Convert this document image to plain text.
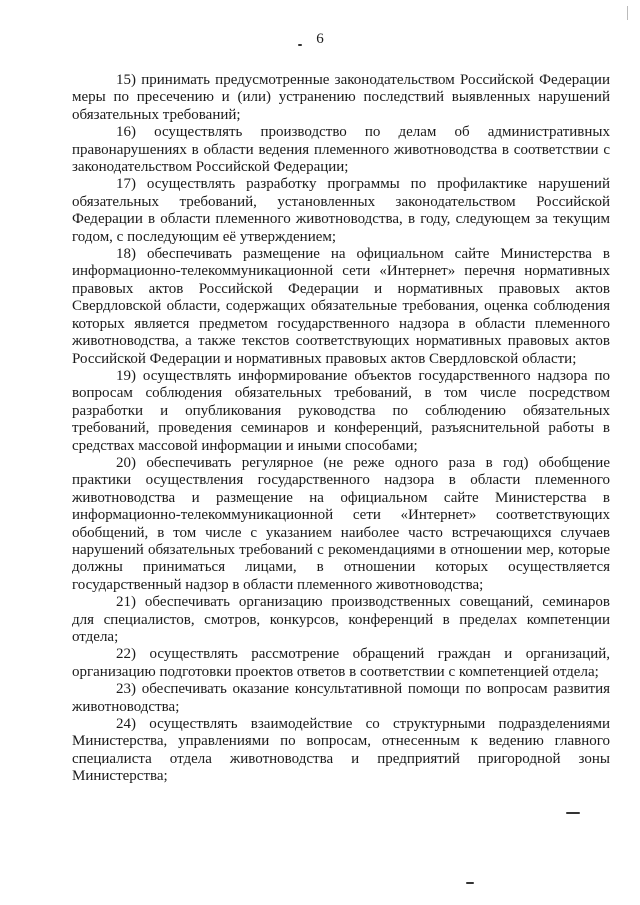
6

15) принимать предусмотренные законодательством Российской Федерации меры по пресечению и (или) устранению последствий выявленных нарушений обязательных требований;

16) осуществлять производство по делам об административных правонарушениях в области ведения племенного животноводства в соответствии с законодательством Российской Федерации;

17) осуществлять разработку программы по профилактике нарушений обязательных требований, установленных законодательством Российской Федерации в области племенного животноводства, в году, следующем за текущим годом, с последующим её утверждением;

18) обеспечивать размещение на официальном сайте Министерства в информационно-телекоммуникационной сети «Интернет» перечня нормативных правовых актов Российской Федерации и нормативных правовых актов Свердловской области, содержащих обязательные требования, оценка соблюдения которых является предметом государственного надзора в области племенного животноводства, а также текстов соответствующих нормативных правовых актов Российской Федерации и нормативных правовых актов Свердловской области;

19) осуществлять информирование объектов государственного надзора по вопросам соблюдения обязательных требований, в том числе посредством разработки и опубликования руководства по соблюдению обязательных требований, проведения семинаров и конференций, разъяснительной работы в средствах массовой информации и иными способами;

20) обеспечивать регулярное (не реже одного раза в год) обобщение практики осуществления государственного надзора в области племенного животноводства и размещение на официальном сайте Министерства в информационно-телекоммуникационной сети «Интернет» соответствующих обобщений, в том числе с указанием наиболее часто встречающихся случаев нарушений обязательных требований с рекомендациями в отношении мер, которые должны приниматься лицами, в отношении которых осуществляется государственный надзор в области племенного животноводства;

21) обеспечивать организацию производственных совещаний, семинаров для специалистов, смотров, конкурсов, конференций в пределах компетенции отдела;

22) осуществлять рассмотрение обращений граждан и организаций, организацию подготовки проектов ответов в соответствии с компетенцией отдела;

23) обеспечивать оказание консультативной помощи по вопросам развития животноводства;

24) осуществлять взаимодействие со структурными подразделениями Министерства, управлениями по вопросам, отнесенным к ведению главного специалиста отдела животноводства и предприятий пригородной зоны Министерства;
